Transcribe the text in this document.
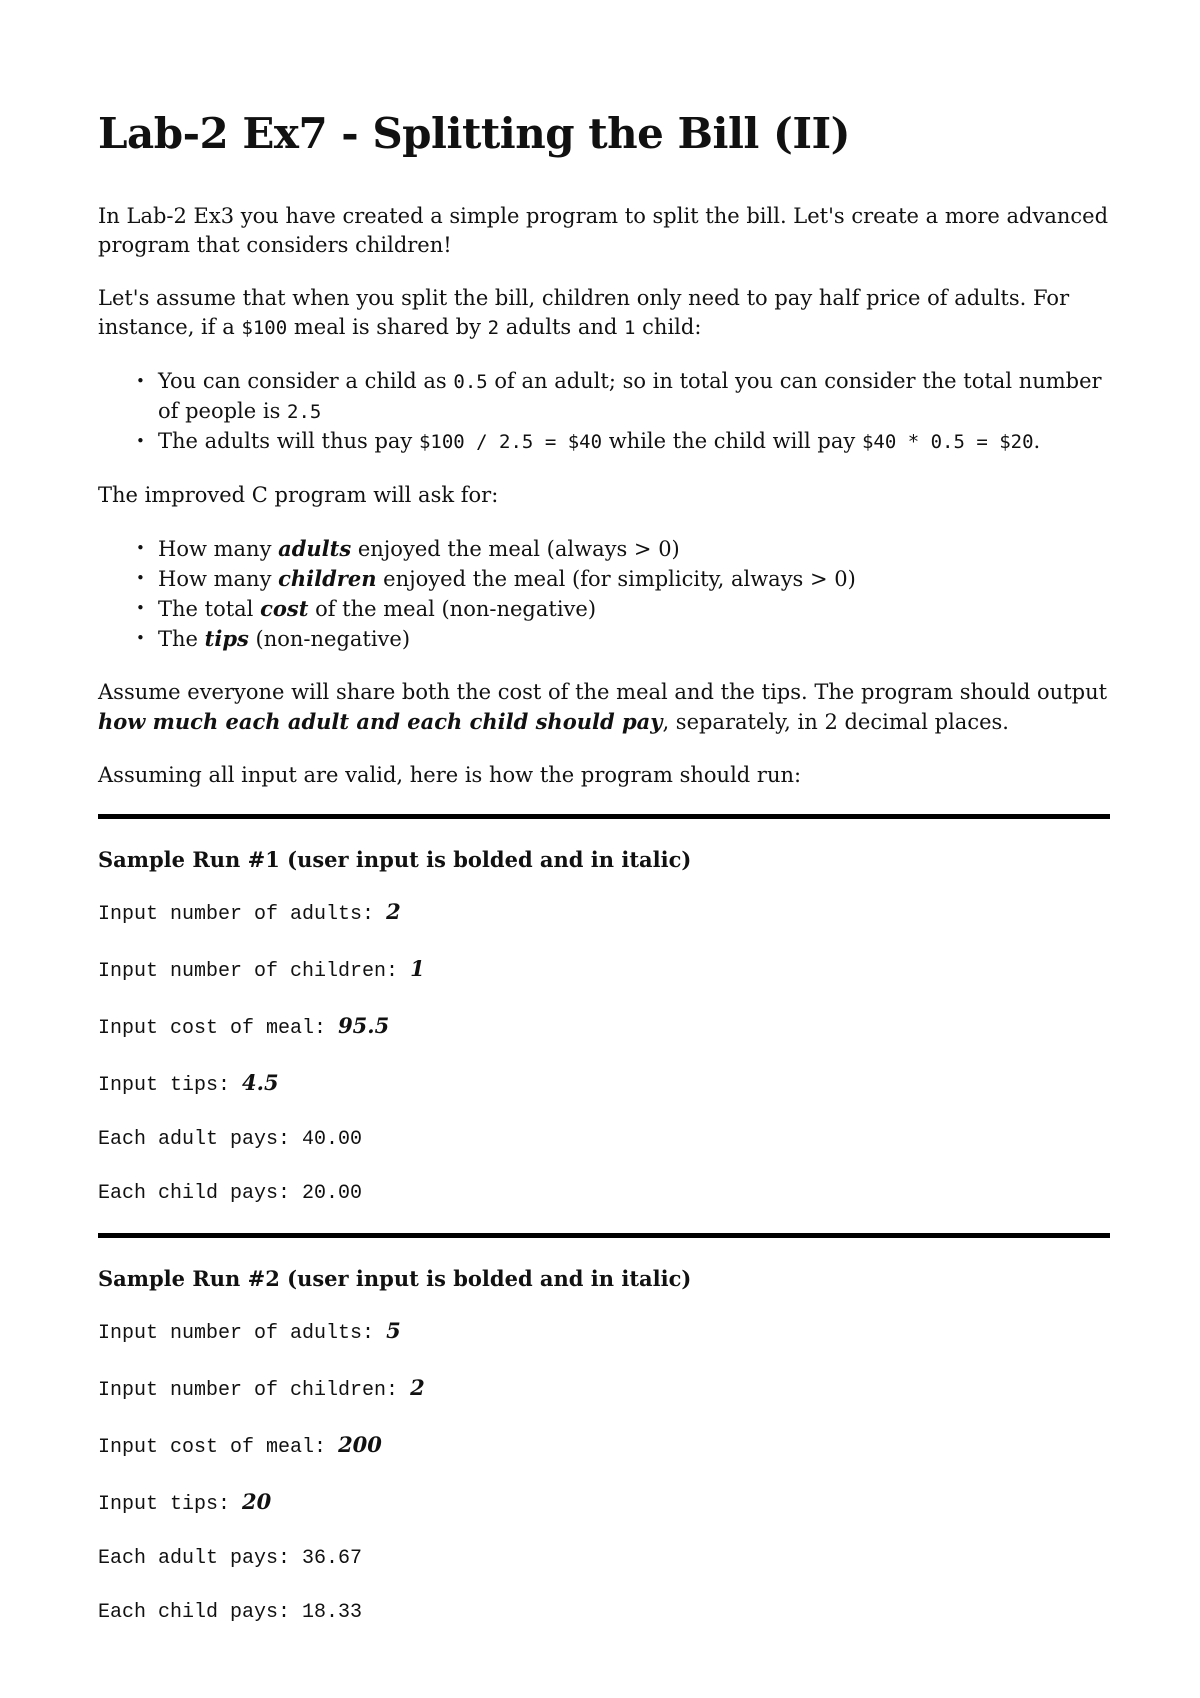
Lab-2 Ex7 - Splitting the Bill (II)

In Lab-2 Ex3 you have created a simple program to split the bill. Let's create a more advanced program that considers children!

Let's assume that when you split the bill, children only need to pay half price of adults. For instance, if a $100 meal is shared by 2 adults and 1 child:

• You can consider a child as 0.5 of an adult; so in total you can consider the total number of people is 2.5
• The adults will thus pay $100 / 2.5 = $40 while the child will pay $40 * 0.5 = $20.

The improved C program will ask for:

• How many adults enjoyed the meal (always > 0)
• How many children enjoyed the meal (for simplicity, always > 0)
• The total cost of the meal (non-negative)
• The tips (non-negative)

Assume everyone will share both the cost of the meal and the tips. The program should output how much each adult and each child should pay, separately, in 2 decimal places.

Assuming all input are valid, here is how the program should run:

Sample Run #1 (user input is bolded and in italic)
Input number of adults: 2
Input number of children: 1
Input cost of meal: 95.5
Input tips: 4.5
Each adult pays: 40.00
Each child pays: 20.00
Sample Run #2 (user input is bolded and in italic)
Input number of adults: 5
Input number of children: 2
Input cost of meal: 200
Input tips: 20
Each adult pays: 36.67
Each child pays: 18.33
